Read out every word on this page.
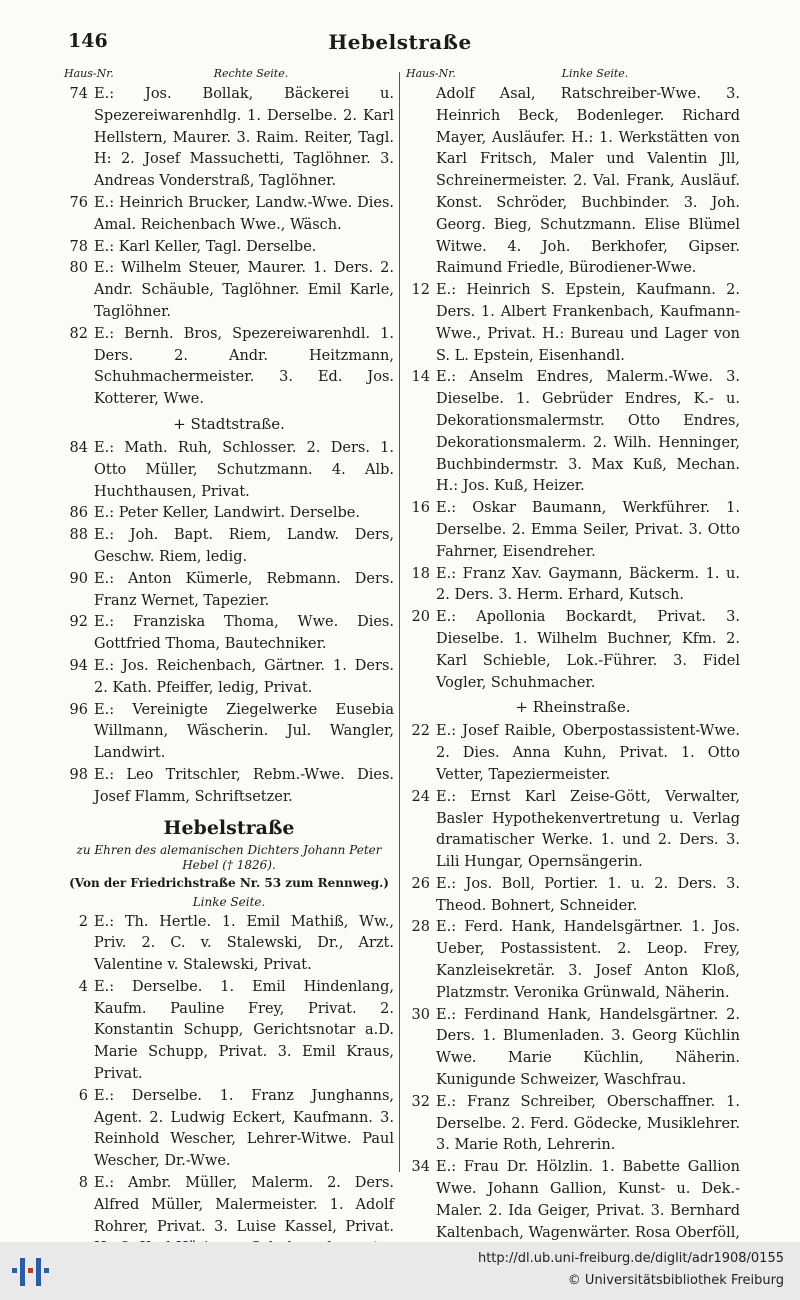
146	Hebelstraße
Haus-Nr.	Rechte Seite.
74 E.: Jos. Bollak, Bäckerei u. Spezereiwarenhdlg. 1. Derselbe. 2. Karl Hellstern, Maurer. 3. Raim. Reiter, Tagl. H: 2. Josef Massuchetti, Taglöhner. 3. Andreas Vonderstraß, Taglöhner.

76 E.: Heinrich Brucker, Landw.-Wwe. Dies. Amal. Reichenbach Wwe., Wäsch.

78 E.: Karl Keller, Tagl. Derselbe.

80 E.: Wilhelm Steuer, Maurer. 1. Ders. 2. Andr. Schäuble, Taglöhner. Emil Karle, Taglöhner.

82 E.: Bernh. Bros, Spezereiwarenhdl. 1. Ders. 2. Andr. Heitzmann, Schuhmachermeister. 3. Ed. Jos. Kotterer, Wwe.

+ Stadtstraße.
84 E.: Math. Ruh, Schlosser. 2. Ders. 1. Otto Müller, Schutzmann. 4. Alb. Huchthausen, Privat.

86 E.: Peter Keller, Landwirt. Derselbe.

88 E.: Joh. Bapt. Riem, Landw. Ders, Geschw. Riem, ledig.

90 E.: Anton Kümerle, Rebmann. Ders. Franz Wernet, Tapezier.

92 E.: Franziska Thoma, Wwe. Dies. Gottfried Thoma, Bautechniker.

94 E.: Jos. Reichenbach, Gärtner. 1. Ders. 2. Kath. Pfeiffer, ledig, Privat.

96 E.: Vereinigte Ziegelwerke Eusebia Willmann, Wäscherin. Jul. Wangler, Landwirt.

98 E.: Leo Tritschler, Rebm.-Wwe. Dies. Josef Flamm, Schriftsetzer.

Hebelstraße
zu Ehren des alemanischen Dichters Johann Peter Hebel († 1826).
(Von der Friedrichstraße Nr. 53 zum Rennweg.)
Linke Seite.
2 E.: Th. Hertle. 1. Emil Mathiß, Ww., Priv. 2. C. v. Stalewski, Dr., Arzt. Valentine v. Stalewski, Privat.

4 E.: Derselbe. 1. Emil Hindenlang, Kaufm. Pauline Frey, Privat. 2. Konstantin Schupp, Gerichtsnotar a.D. Marie Schupp, Privat. 3. Emil Kraus, Privat.

6 E.: Derselbe. 1. Franz Junghanns, Agent. 2. Ludwig Eckert, Kaufmann. 3. Reinhold Wescher, Lehrer-Witwe. Paul Wescher, Dr.-Wwe.

8 E.: Ambr. Müller, Malerm. 2. Ders. Alfred Müller, Malermeister. 1. Adolf Rohrer, Privat. 3. Luise Kassel, Privat.

Haus-Nr.	Linke Seite.

Adolf Asal, Ratschreiber-Wwe. 3. Heinrich Beck, Bodenleger. Richard Mayer, Ausläufer. H.: 1. Werkstätten von Karl Fritsch, Maler und Valentin Jll, Schreinermeister. 2. Val. Frank, Ausläuf. Konst. Schröder, Buchbinder. 3. Joh. Georg. Bieg, Schutzmann. Elise Blümel Witwe. 4. Joh. Berkhofer, Gipser. Raimund Friedle, Bürodiener-Wwe.

12 E.: Heinrich S. Epstein, Kaufmann. 2. Ders. 1. Albert Frankenbach, Kaufmann-Wwe., Privat. H.: Bureau und Lager von S. L. Epstein, Eisenhandl.

14 E.: Anselm Endres, Malerm.-Wwe. 3. Dieselbe. 1. Gebrüder Endres, K.- u. Dekorationsmalermstr. Otto Endres, Dekorationsmalerm. 2. Wilh. Henninger, Buchbindermstr. 3. Max Kuß, Mechan. H.: Jos. Kuß, Heizer.

16 E.: Oskar Baumann, Werkführer. 1. Derselbe. 2. Emma Seiler, Privat. 3. Otto Fahrner, Eisendreher.

18 E.: Franz Xav. Gaymann, Bäckerm. 1. u. 2. Ders. 3. Herm. Erhard, Kutsch.

20 E.: Apollonia Bockardt, Privat. 3. Dieselbe. 1. Wilhelm Buchner, Kfm. 2. Karl Schieble, Lok.-Führer. 3. Fidel Vogler, Schuhmacher.

+ Rheinstraße.
22 E.: Josef Raible, Oberpostassistent-Wwe. 2. Dies. Anna Kuhn, Privat. 1. Otto Vetter, Tapeziermeister.

24 E.: Ernst Karl Zeise-Gött, Verwalter, Basler Hypothekenvertretung u. Verlag dramatischer Werke. 1. und 2. Ders. 3. Lili Hungar, Opernsängerin.

26 E.: Jos. Boll, Portier. 1. u. 2. Ders. 3. Theod. Bohnert, Schneider.

28 E.: Ferd. Hank, Handelsgärtner. 1. Jos. Ueber, Postassistent. 2. Leop. Frey, Kanzleisekretär. 3. Josef Anton Kloß, Platzmstr. Veronika Grünwald, Näherin.

30 E.: Ferdinand Hank, Handelsgärtner. 2. Ders. 1. Blumenladen. 3. Georg Küchlin Wwe. Marie Küchlin, Näherin. Kunigunde Schweizer, Waschfrau.

32 E.: Franz Schreiber, Oberschaffner. 1. Derselbe. 2. Ferd. Gödecke, Musiklehrer. 3. Marie Roth, Lehrerin.

34 E.: Frau Dr. Hölzlin. 1. Babette Gallion Wwe. Johann Gallion, Kunst- u. Dek.-Maler. 2. Ida Geiger, Privat. 3. Bernhard Kaltenbach, Wagenwärter. Rosa Oberföll,

http://dl.ub.uni-freiburg.de/diglit/adr1908/0155
© Universitätsbibliothek Freiburg
